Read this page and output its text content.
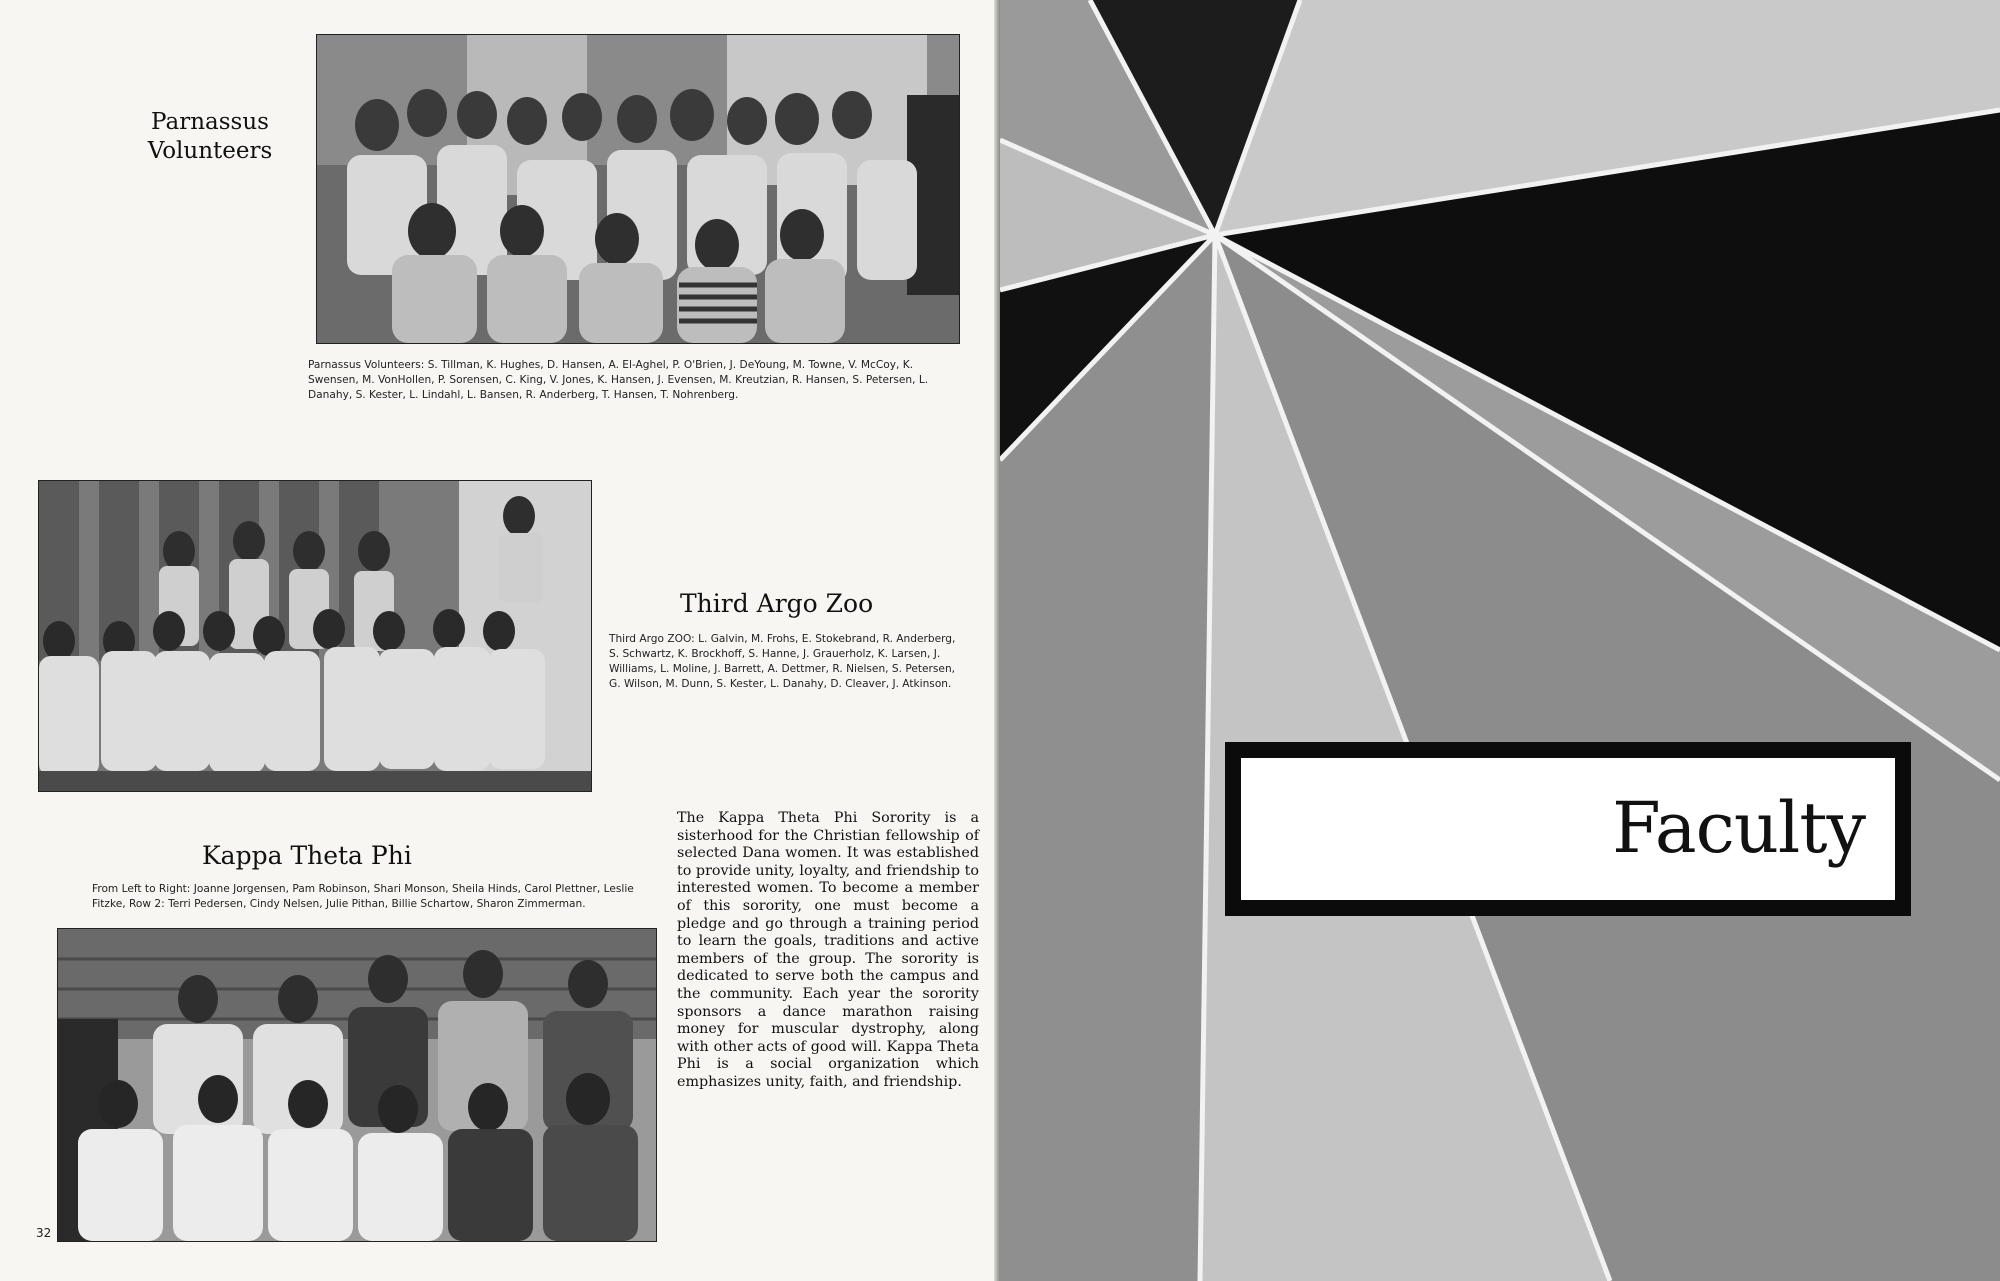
Parnassus
Volunteers

Parnassus Volunteers: S. Tillman, K. Hughes, D. Hansen, A. El-Aghel, P. O'Brien, J. DeYoung, M. Towne, V. McCoy, K. Swensen, M. VonHollen, P. Sorensen, C. King, V. Jones, K. Hansen, J. Evensen, M. Kreutzian, R. Hansen, S. Petersen, L. Danahy, S. Kester, L. Lindahl, L. Bansen, R. Anderberg, T. Hansen, T. Nohrenberg.

Third Argo Zoo

Third Argo ZOO: L. Galvin, M. Frohs, E. Stokebrand, R. Anderberg, S. Schwartz, K. Brockhoff, S. Hanne, J. Grauerholz, K. Larsen, J. Williams, L. Moline, J. Barrett, A. Dettmer, R. Nielsen, S. Petersen, G. Wilson, M. Dunn, S. Kester, L. Danahy, D. Cleaver, J. Atkinson.

Kappa Theta Phi

From Left to Right: Joanne Jorgensen, Pam Robinson, Shari Monson, Sheila Hinds, Carol Plettner, Leslie Fitzke, Row 2: Terri Pedersen, Cindy Nelsen, Julie Pithan, Billie Schartow, Sharon Zimmerman.

The Kappa Theta Phi Sorority is a sisterhood for the Christian fellowship of selected Dana women. It was established to provide unity, loyalty, and friendship to interested women. To become a member of this sorority, one must become a pledge and go through a training period to learn the goals, traditions and active members of the group. The sorority is dedicated to serve both the campus and the community. Each year the sorority sponsors a dance marathon raising money for muscular dystrophy, along with other acts of good will. Kappa Theta Phi is a social organization which emphasizes unity, faith, and friendship.

32

Faculty
